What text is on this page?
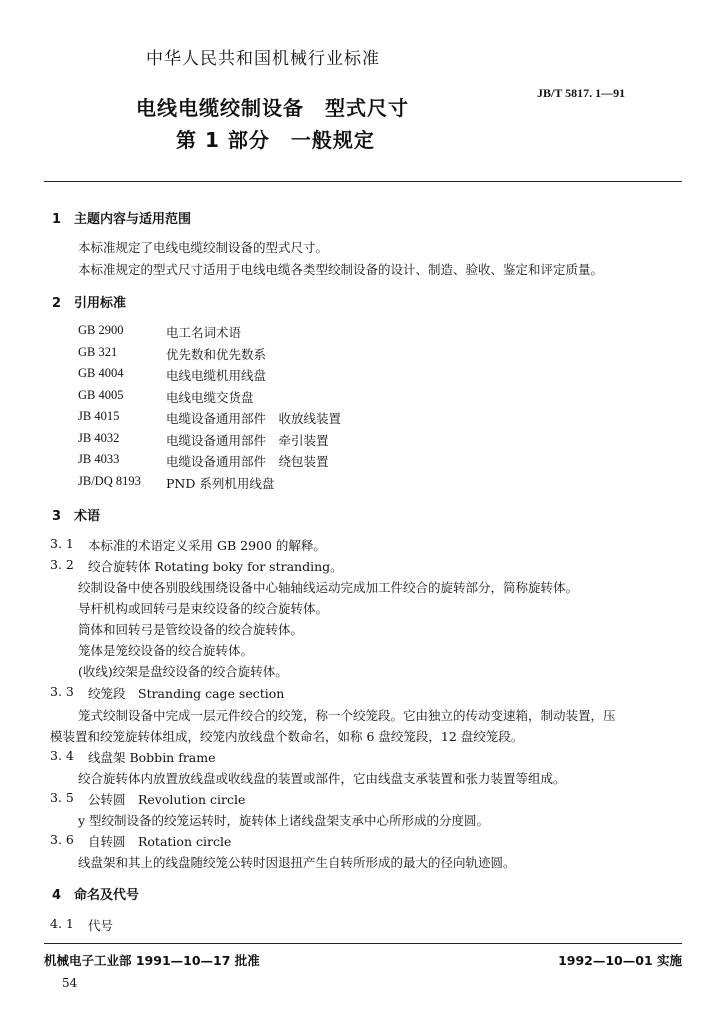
中华人民共和国机械行业标准
电线电缆绞制设备　型式尺寸
第 1 部分　一般规定
JB/T 5817. 1—91
1　主题内容与适用范围
本标准规定了电线电缆绞制设备的型式尺寸。
本标准规定的型式尺寸适用于电线电缆各类型绞制设备的设计、制造、验收、鉴定和评定质量。
2　引用标准
GB 2900	电工名词术语
GB 321	优先数和优先数系
GB 4004	电线电缆机用线盘
GB 4005	电线电缆交货盘
JB 4015	电缆设备通用部件　收放线装置
JB 4032	电缆设备通用部件　牵引装置
JB 4033	电缆设备通用部件　绕包装置
JB/DQ 8193 PND 系列机用线盘
3　术语
3. 1 本标准的术语定义采用 GB 2900 的解释。
3. 2 绞合旋转体 Rotating boky for stranding。
绞制设备中使各别股线围绕设备中心轴轴线运动完成加工件绞合的旋转部分，简称旋转体。
导杆机构或回转弓是束绞设备的绞合旋转体。
筒体和回转弓是管绞设备的绞合旋转体。
笼体是笼绞设备的绞合旋转体。
(收线)绞架是盘绞设备的绞合旋转体。
3. 3 绞笼段　Stranding cage section
笼式绞制设备中完成一层元件绞合的绞笼，称一个绞笼段。它由独立的传动变速箱，制动装置，压
模装置和绞笼旋转体组成，绞笼内放线盘个数命名，如称 6 盘绞笼段，12 盘绞笼段。
3. 4 线盘架 Bobbin frame
绞合旋转体内放置放线盘或收线盘的装置或部件，它由线盘支承装置和张力装置等组成。
3. 5 公转圆　Revolution circle
y 型绞制设备的绞笼运转时，旋转体上诸线盘架支承中心所形成的分度圆。
3. 6 自转圆　Rotation circle
线盘架和其上的线盘随绞笼公转时因退扭产生自转所形成的最大的径向轨迹圆。
4　命名及代号
4. 1 代号
机械电子工业部 1991—10—17 批准	1992—10—01 实施
54
